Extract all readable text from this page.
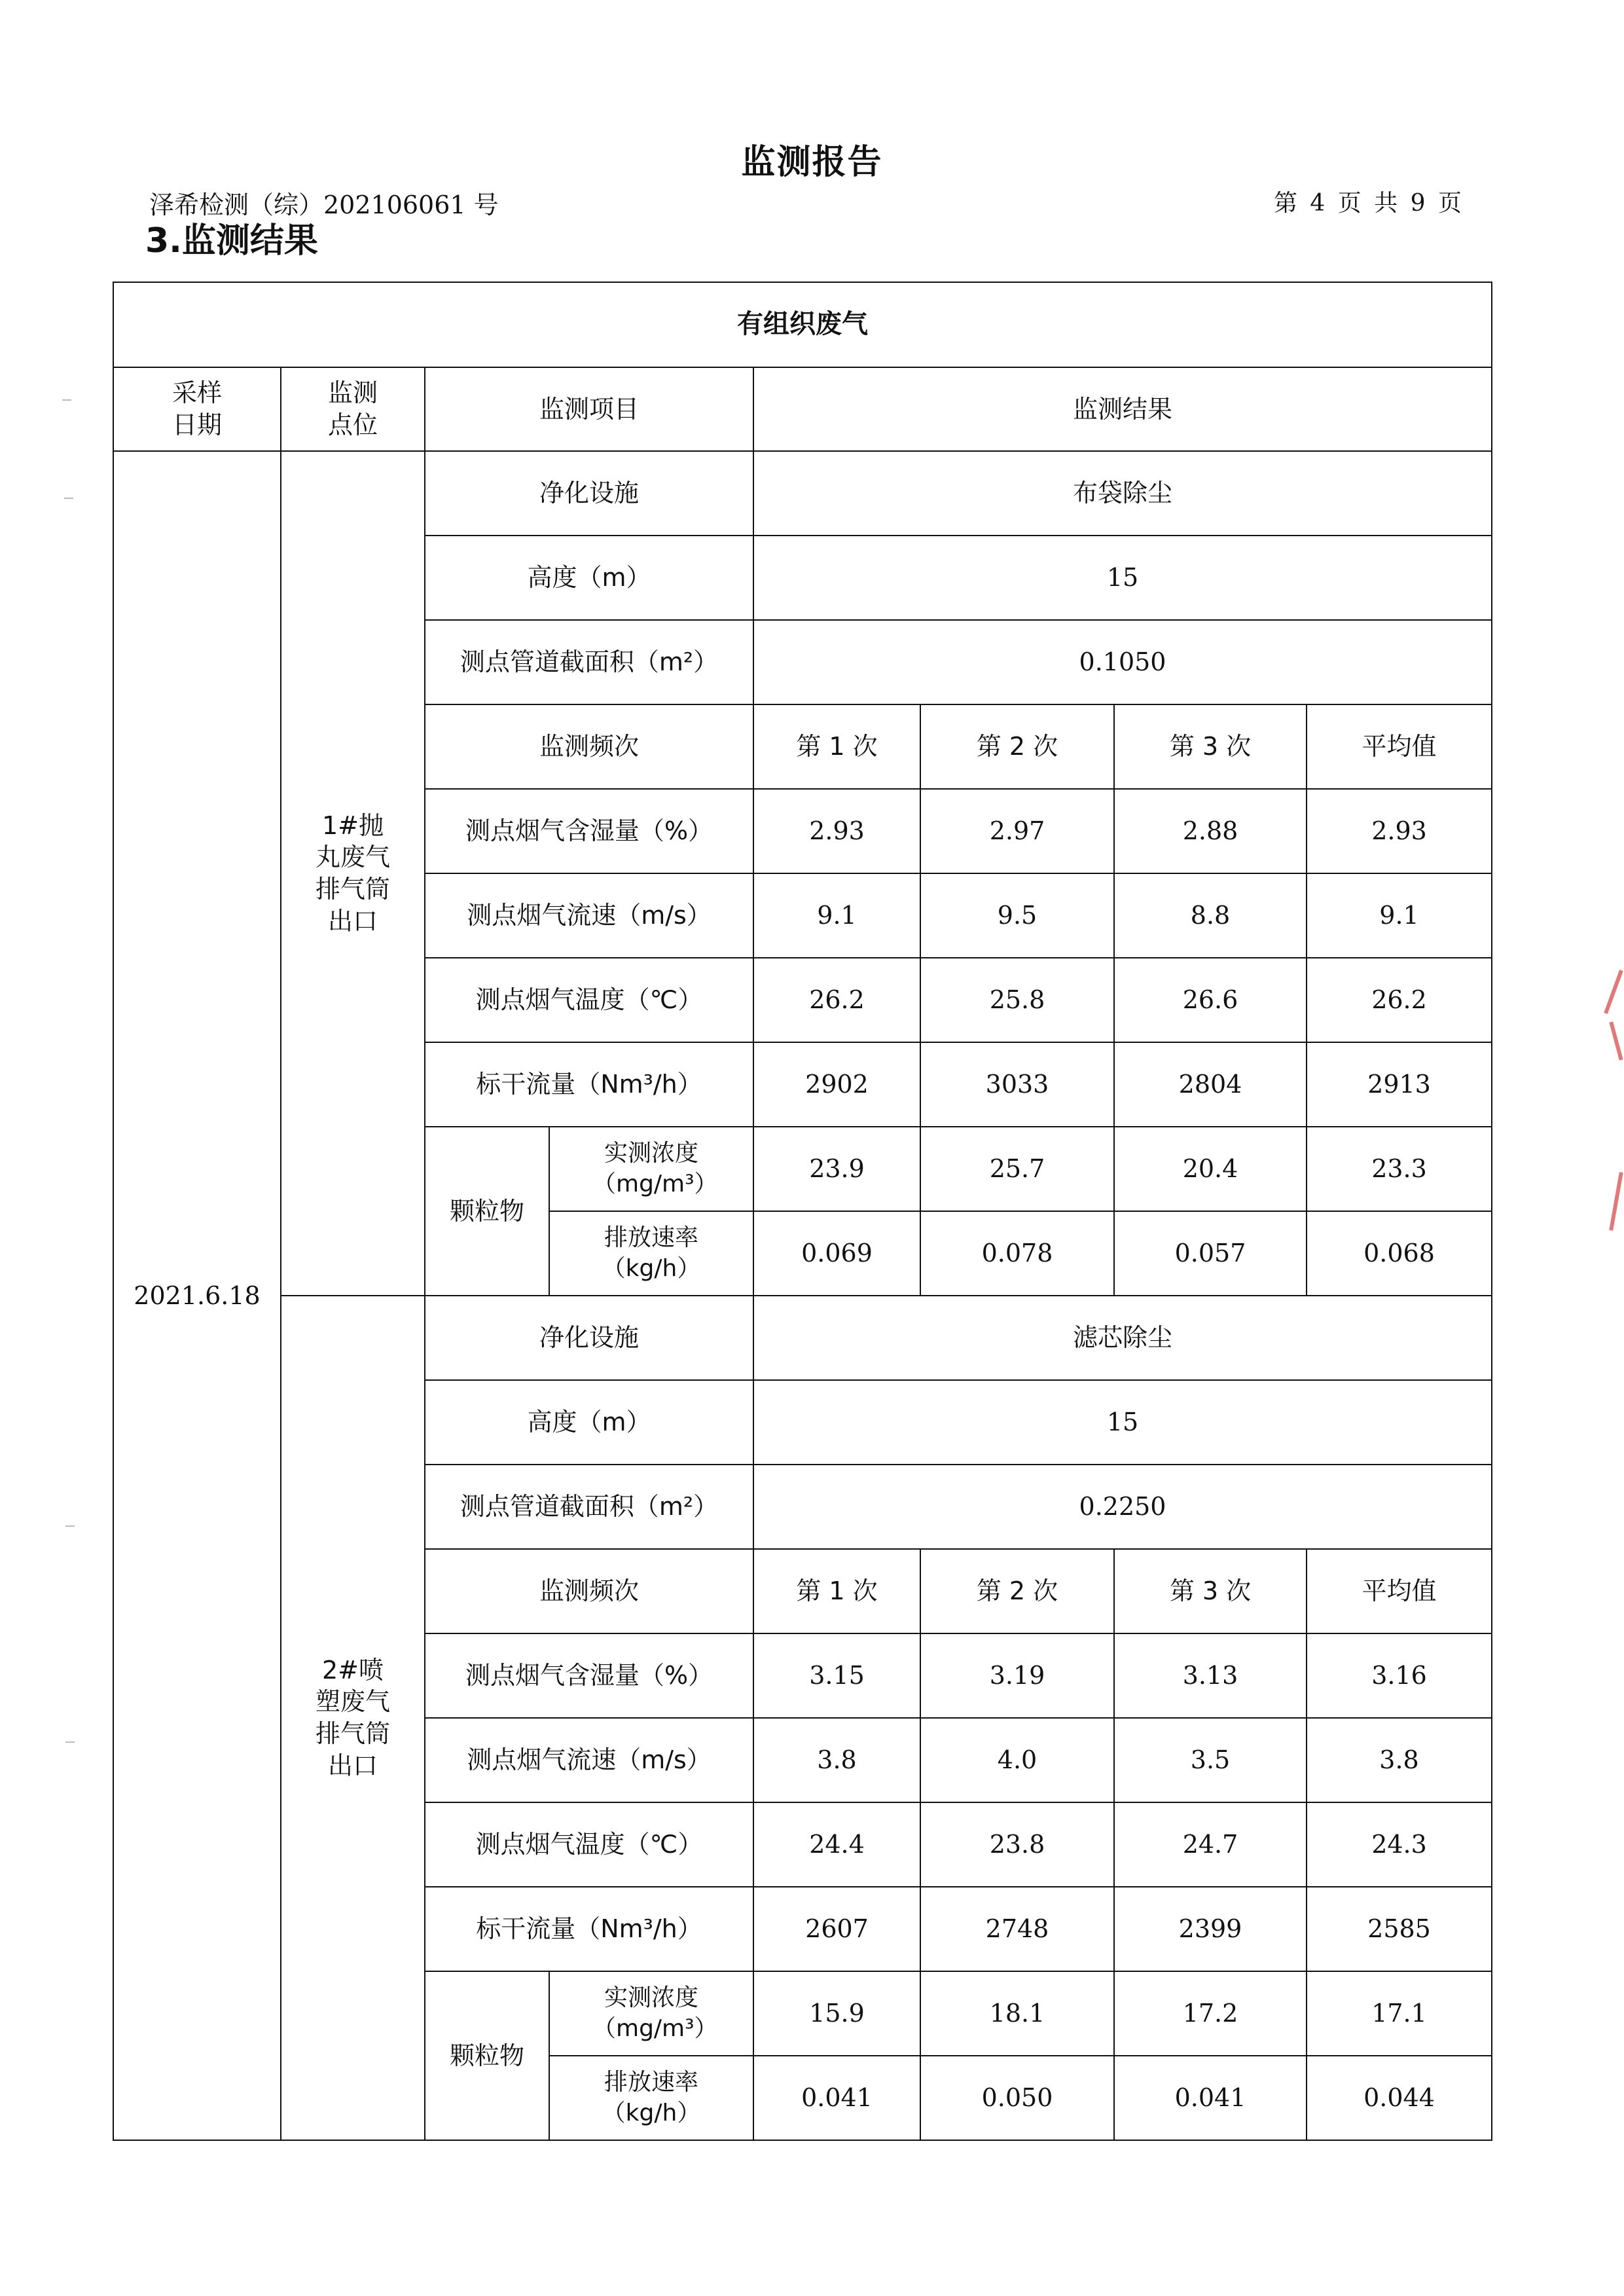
监测报告
泽希检测（综）202106061 号	第 4 页 共 9 页
3.监测结果
有组织废气							
采样日期	监测点位	监测项目		监测结果			
2021.6.18	1#抛丸废气排气筒出口	净化设施		布袋除尘			
		高度（m）		15			
		测点管道截面积（m²）		0.1050			
		监测频次		第 1 次	第 2 次	第 3 次	平均值
		测点烟气含湿量（%）		2.93	2.97	2.88	2.93
		测点烟气流速（m/s）		9.1	9.5	8.8	9.1
		测点烟气温度（℃）		26.2	25.8	26.6	26.2
		标干流量（Nm³/h）		2902	3033	2804	2913
		颗粒物	实测浓度（mg/m³）	23.9	25.7	20.4	23.3
			排放速率（kg/h）	0.069	0.078	0.057	0.068
	2#喷塑废气排气筒出口	净化设施		滤芯除尘			
		高度（m）		15			
		测点管道截面积（m²）		0.2250			
		监测频次		第 1 次	第 2 次	第 3 次	平均值
		测点烟气含湿量（%）		3.15	3.19	3.13	3.16
		测点烟气流速（m/s）		3.8	4.0	3.5	3.8
		测点烟气温度（℃）		24.4	23.8	24.7	24.3
		标干流量（Nm³/h）		2607	2748	2399	2585
		颗粒物	实测浓度（mg/m³）	15.9	18.1	17.2	17.1
			排放速率（kg/h）	0.041	0.050	0.041	0.044
